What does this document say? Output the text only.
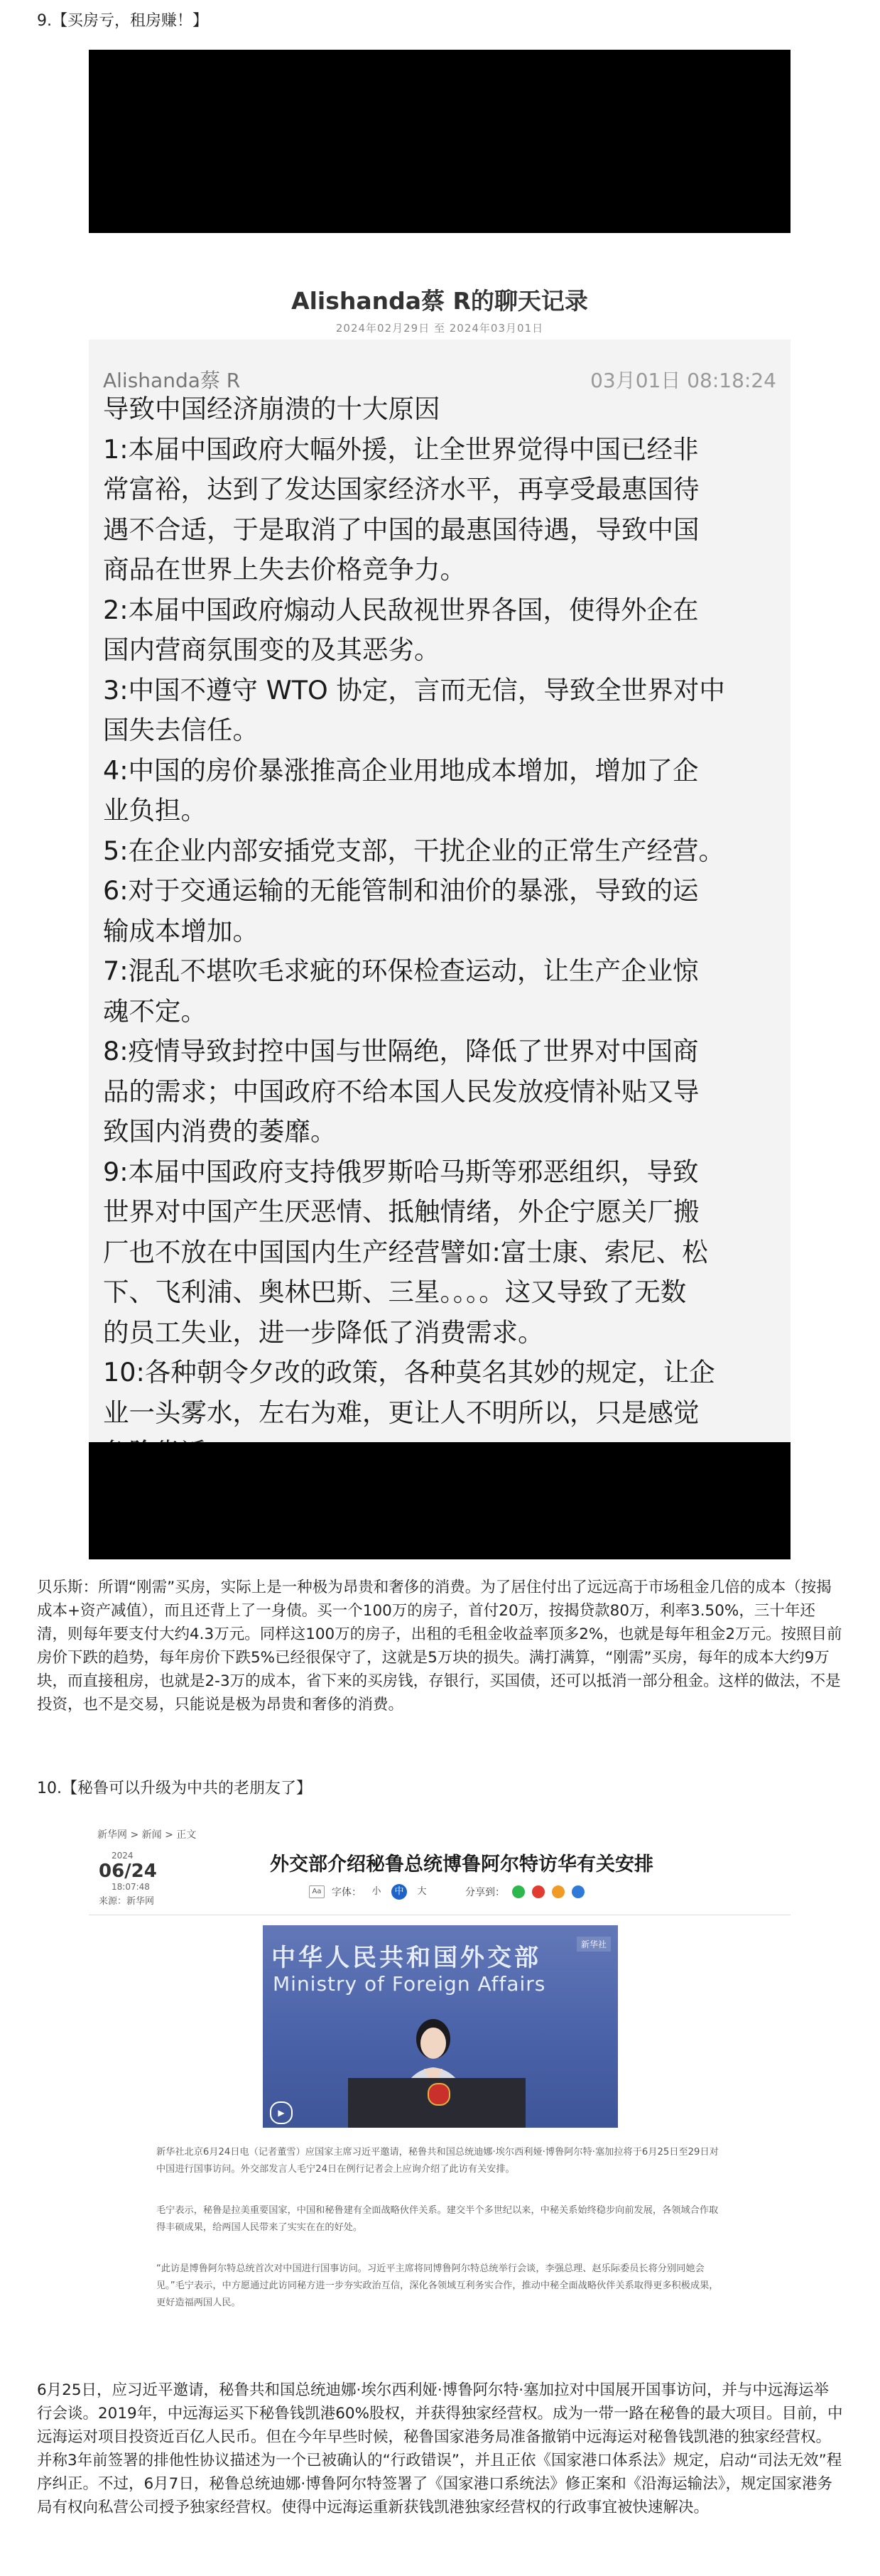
9.【买房亏，租房赚！】
Alishanda蔡 R的聊天记录
2024年02月29日 至 2024年03月01日
Alishanda蔡 R	03月01日 08:18:24
导致中国经济崩溃的十大原因
1:本届中国政府大幅外援，让全世界觉得中国已经非
常富裕，达到了发达国家经济水平，再享受最惠国待
遇不合适，于是取消了中国的最惠国待遇，导致中国
商品在世界上失去价格竞争力。
2:本届中国政府煽动人民敌视世界各国，使得外企在
国内营商氛围变的及其恶劣。
3:中国不遵守 WTO 协定，言而无信，导致全世界对中
国失去信任。
4:中国的房价暴涨推高企业用地成本增加，增加了企
业负担。
5:在企业内部安插党支部，干扰企业的正常生产经营。
6:对于交通运输的无能管制和油价的暴涨，导致的运
输成本增加。
7:混乱不堪吹毛求疵的环保检查运动，让生产企业惊
魂不定。
8:疫情导致封控中国与世隔绝，降低了世界对中国商
品的需求；中国政府不给本国人民发放疫情补贴又导
致国内消费的萎靡。
9:本届中国政府支持俄罗斯哈马斯等邪恶组织，导致
世界对中国产生厌恶情、抵触情绪，外企宁愿关厂搬
厂也不放在中国国内生产经营譬如:富士康、索尼、松
下、飞利浦、奥林巴斯、三星。。。。这又导致了无数
的员工失业，进一步降低了消费需求。
10:各种朝令夕改的政策，各种莫名其妙的规定，让企
业一头雾水，左右为难，更让人不明所以，只是感觉

贝乐斯：所谓“刚需”买房，实际上是一种极为昂贵和奢侈的消费。为了居住付出了远远高于市场租金几倍的成本（按揭成本+资产减值），而且还背上了一身债。买一个100万的房子，首付20万，按揭贷款80万，利率3.50%，三十年还清，则每年要支付大约4.3万元。同样这100万的房子，出租的毛租金收益率顶多2%，也就是每年租金2万元。按照目前房价下跌的趋势，每年房价下跌5%已经很保守了，这就是5万块的损失。满打满算，“刚需”买房，每年的成本大约9万块，而直接租房，也就是2-3万的成本，省下来的买房钱，存银行，买国债，还可以抵消一部分租金。这样的做法，不是投资，也不是交易，只能说是极为昂贵和奢侈的消费。

10.【秘鲁可以升级为中共的老朋友了】
新华网 > 新闻 > 正文
2024
06/24
18:07:48
来源：新华网
外交部介绍秘鲁总统博鲁阿尔特访华有关安排
Aa	字体：	小	中	大	分享到：
中华人民共和国外交部
Ministry of Foreign Affairs
新华社
▶

新华社北京6月24日电（记者董雪）应国家主席习近平邀请，秘鲁共和国总统迪娜·埃尔西利娅·博鲁阿尔特·塞加拉将于6月25日至29日对中国进行国事访问。外交部发言人毛宁24日在例行记者会上应询介绍了此访有关安排。

毛宁表示，秘鲁是拉美重要国家，中国和秘鲁建有全面战略伙伴关系。建交半个多世纪以来，中秘关系始终稳步向前发展，各领域合作取得丰硕成果，给两国人民带来了实实在在的好处。

“此访是博鲁阿尔特总统首次对中国进行国事访问。习近平主席将同博鲁阿尔特总统举行会谈，李强总理、赵乐际委员长将分别同她会见。”毛宁表示，中方愿通过此访同秘方进一步夯实政治互信，深化各领域互利务实合作，推动中秘全面战略伙伴关系取得更多积极成果，更好造福两国人民。

6月25日，应习近平邀请，秘鲁共和国总统迪娜·埃尔西利娅·博鲁阿尔特·塞加拉对中国展开国事访问，并与中远海运举行会谈。2019年，中远海运买下秘鲁钱凯港60%股权，并获得独家经营权。成为一带一路在秘鲁的最大项目。目前，中远海运对项目投资近百亿人民币。但在今年早些时候，秘鲁国家港务局准备撤销中远海运对秘鲁钱凯港的独家经营权。并称3年前签署的排他性协议描述为一个已被确认的“行政错误”，并且正依《国家港口体系法》规定，启动“司法无效”程序纠正。不过，6月7日，秘鲁总统迪娜·博鲁阿尔特签署了《国家港口系统法》修正案和《沿海运输法》，规定国家港务局有权向私营公司授予独家经营权。使得中远海运重新获钱凯港独家经营权的行政事宜被快速解决。
